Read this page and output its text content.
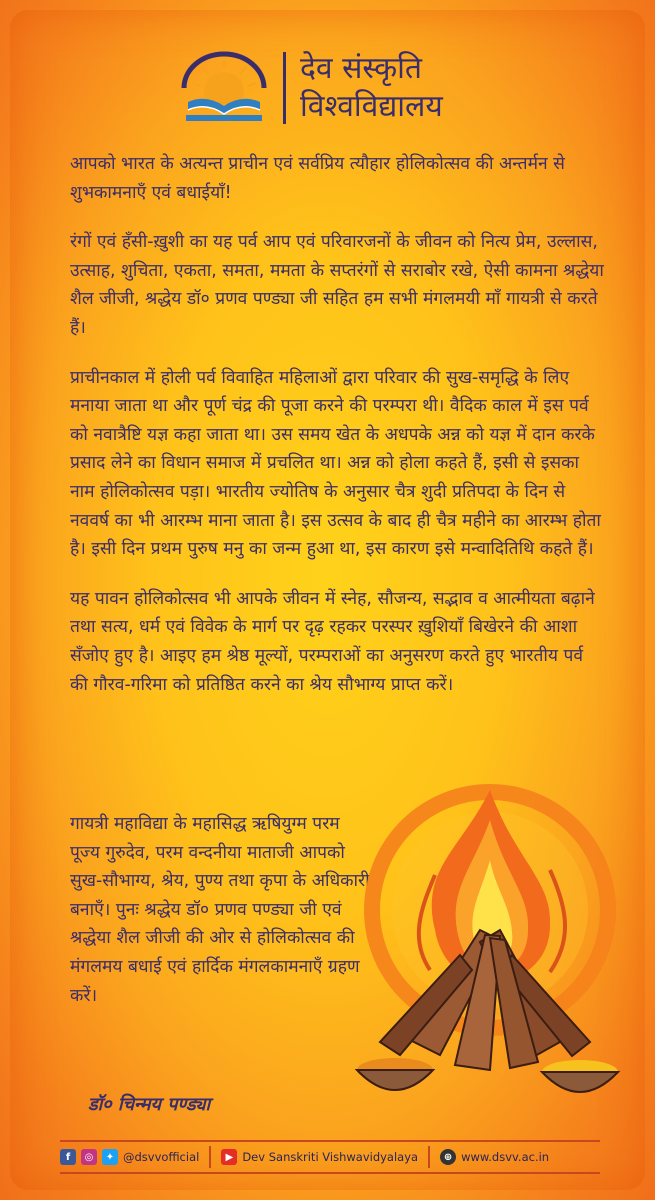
देव संस्कृति
विश्वविद्यालय

आपको भारत के अत्यन्त प्राचीन एवं सर्वप्रिय त्यौहार होलिकोत्सव की अन्तर्मन से शुभकामनाएँ एवं बधाईयाँ!

रंगों एवं हँसी-ख़ुशी का यह पर्व आप एवं परिवारजनों के जीवन को नित्य प्रेम, उल्लास, उत्साह, शुचिता, एकता, समता, ममता के सप्तरंगों से सराबोर रखे, ऐसी कामना श्रद्धेया शैल जीजी, श्रद्धेय डॉ० प्रणव पण्ड्या जी सहित हम सभी मंगलमयी माँ गायत्री से करते हैं।

प्राचीनकाल में होली पर्व विवाहित महिलाओं द्वारा परिवार की सुख-समृद्धि के लिए मनाया जाता था और पूर्ण चंद्र की पूजा करने की परम्परा थी। वैदिक काल में इस पर्व को नवात्रैष्टि यज्ञ कहा जाता था। उस समय खेत के अधपके अन्न को यज्ञ में दान करके प्रसाद लेने का विधान समाज में प्रचलित था। अन्न को होला कहते हैं, इसी से इसका नाम होलिकोत्सव पड़ा। भारतीय ज्योतिष के अनुसार चैत्र शुदी प्रतिपदा के दिन से नववर्ष का भी आरम्भ माना जाता है। इस उत्सव के बाद ही चैत्र महीने का आरम्भ होता है। इसी दिन प्रथम पुरुष मनु का जन्म हुआ था, इस कारण इसे मन्वादितिथि कहते हैं।

यह पावन होलिकोत्सव भी आपके जीवन में स्नेह, सौजन्य, सद्भाव व आत्मीयता बढ़ाने तथा सत्य, धर्म एवं विवेक के मार्ग पर दृढ़ रहकर परस्पर ख़ुशियाँ बिखेरने की आशा सँजोए हुए है। आइए हम श्रेष्ठ मूल्यों, परम्पराओं का अनुसरण करते हुए भारतीय पर्व की गौरव-गरिमा को प्रतिष्ठित करने का श्रेय सौभाग्य प्राप्त करें।

गायत्री महाविद्या के महासिद्ध ऋषियुग्म परम पूज्य गुरुदेव, परम वन्दनीया माताजी आपको सुख-सौभाग्य, श्रेय, पुण्य तथा कृपा के अधिकारी बनाएँ। पुनः श्रद्धेय डॉ० प्रणव पण्ड्या जी एवं श्रद्धेया शैल जीजी की ओर से होलिकोत्सव की मंगलमय बधाई एवं हार्दिक मंगलकामनाएँ ग्रहण करें।
डॉ० चिन्मय पण्ड्या
f	◎	✦ @dsvvofficial	▶ Dev Sanskriti Vishwavidyalaya	⊕ www.dsvv.ac.in
